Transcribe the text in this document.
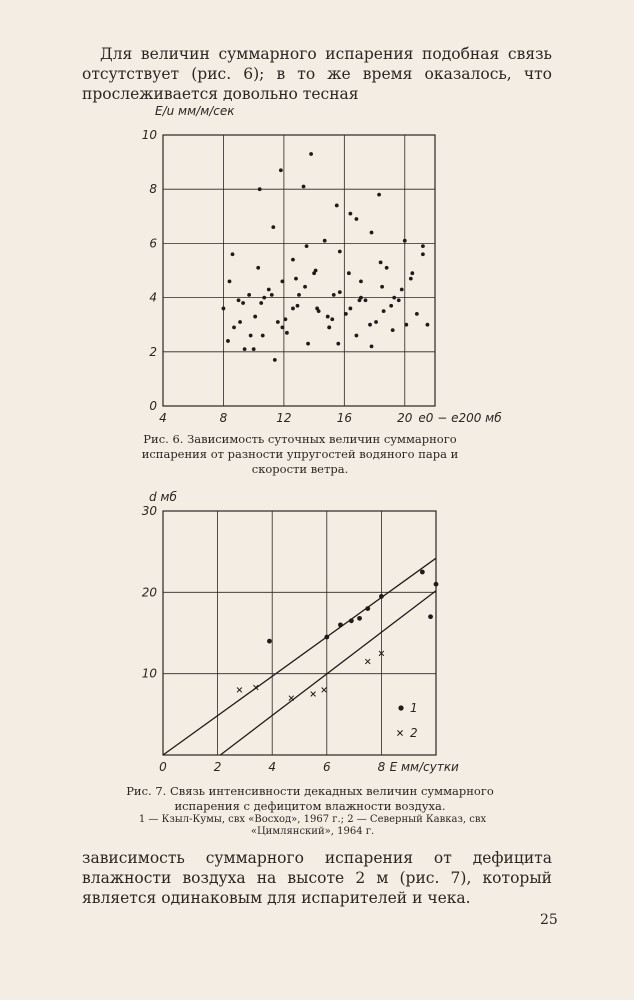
Для величин суммарного испарения подобная связь отсутствует (рис. 6); в то же время оказалось, что прослеживается довольно тесная

4	8	12	16	20
0
2
4
6
8
10
E/u мм/м/сек
e0 − e200 мб
Рис. 6. Зависимость суточных величин суммарного испарения от разности упругостей водяного пара и скорости ветра.
0	2	4	6	8
10
20
30
d мб
Е мм/сутки
1
2
Рис. 7. Связь интенсивности декадных величин суммарного испарения с дефицитом влажности воздуха.
1 — Кзыл-Кумы, свх «Восход», 1967 г.; 2 — Северный Кавказ, свх «Цимлянский», 1964 г.

зависимость суммарного испарения от дефицита влажности воздуха на высоте 2 м (рис. 7), который является одинаковым для испарителей и чека.

25
